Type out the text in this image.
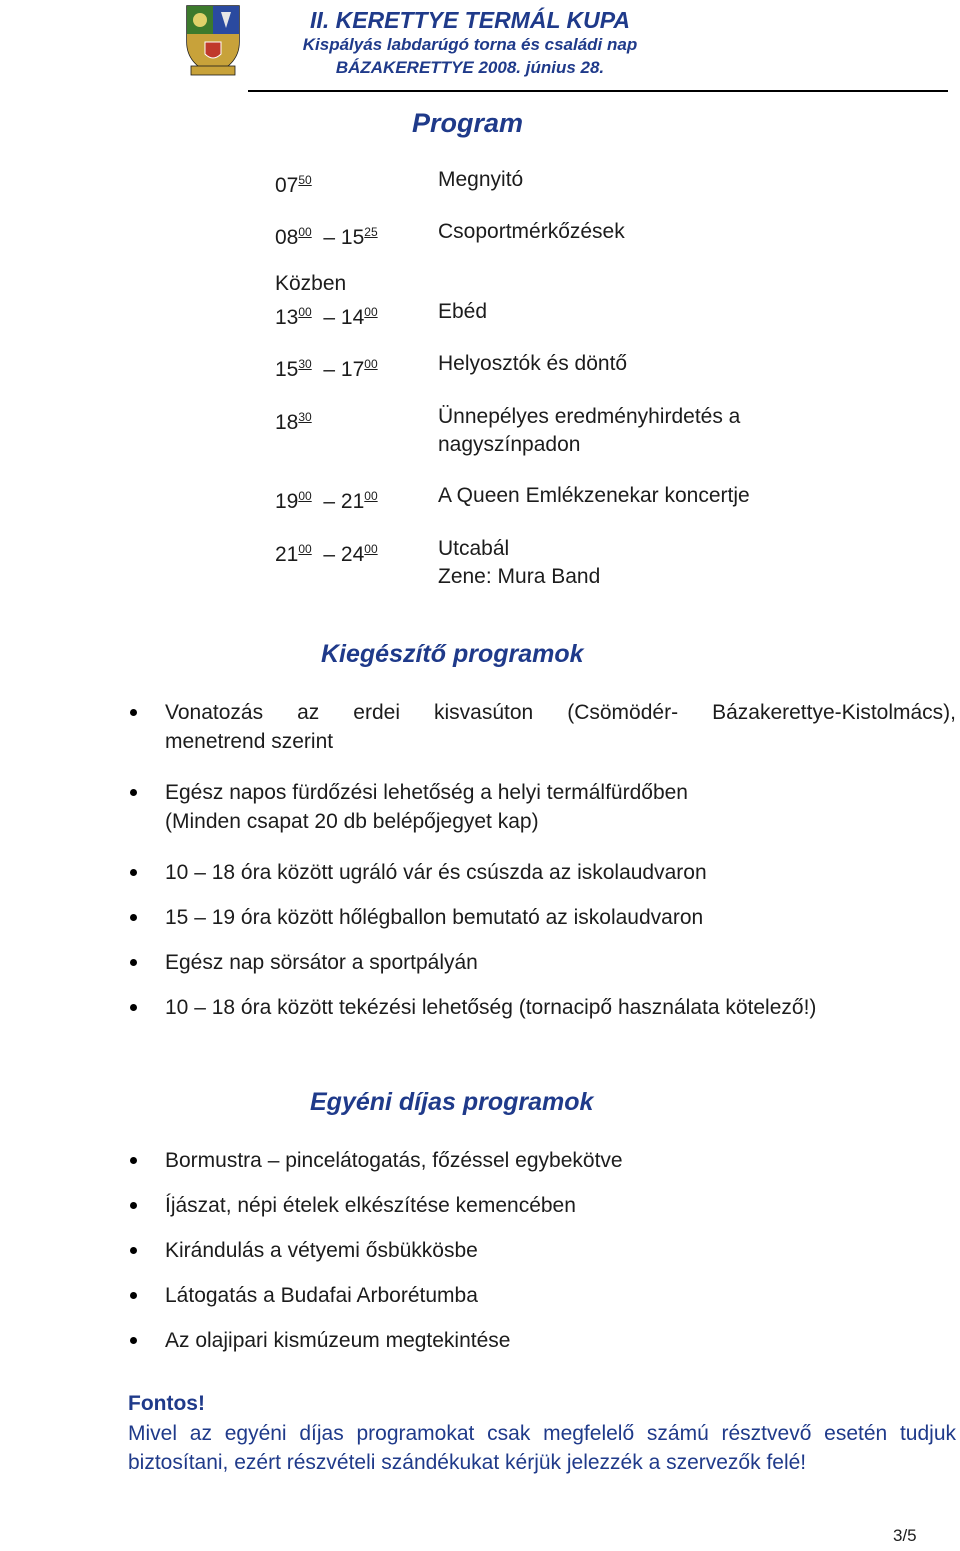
II. KERETTYE TERMÁL KUPA
Kispályás labdarúgó torna és családi nap
BÁZAKERETTYE 2008. június 28.
Program
$07^{50}$	Megnyitó
$08^{00} - 15^{25}$	Csoportmérkőzések
Közben
$13^{00} - 14^{00}$	Ebéd
$15^{30} - 17^{00}$	Helyosztók és döntő
$18^{30}$	Ünnepélyes eredményhirdetés a
nagyszínpadon
$19^{00} - 21^{00}$	A Queen Emlékzenekar koncertje
$21^{00} - 24^{00}$	Utcabál
Zene: Mura Band
Kiegészítő programok
Vonatozás az erdei kisvasúton (Csömödér- Bázakerettye-Kistolmács),
menetrend szerint
Egész napos fürdőzési lehetőség a helyi termálfürdőben
(Minden csapat 20 db belépőjegyet kap)
10 – 18 óra között ugráló vár és csúszda az iskolaudvaron
15 – 19 óra között hőlégballon bemutató az iskolaudvaron
Egész nap sörsátor a sportpályán
10 – 18 óra között tekézési lehetőség (tornacipő használata kötelező!)
Egyéni díjas programok
Bormustra – pincelátogatás, főzéssel egybekötve
Íjászat, népi ételek elkészítése kemencében
Kirándulás a vétyemi ősbükkösbe
Látogatás a Budafai Arborétumba
Az olajipari kismúzeum megtekintése
Fontos!
Mivel az egyéni díjas programokat csak megfelelő számú résztvevő esetén tudjuk biztosítani, ezért részvételi szándékukat kérjük jelezzék a szervezők felé!
3/5
